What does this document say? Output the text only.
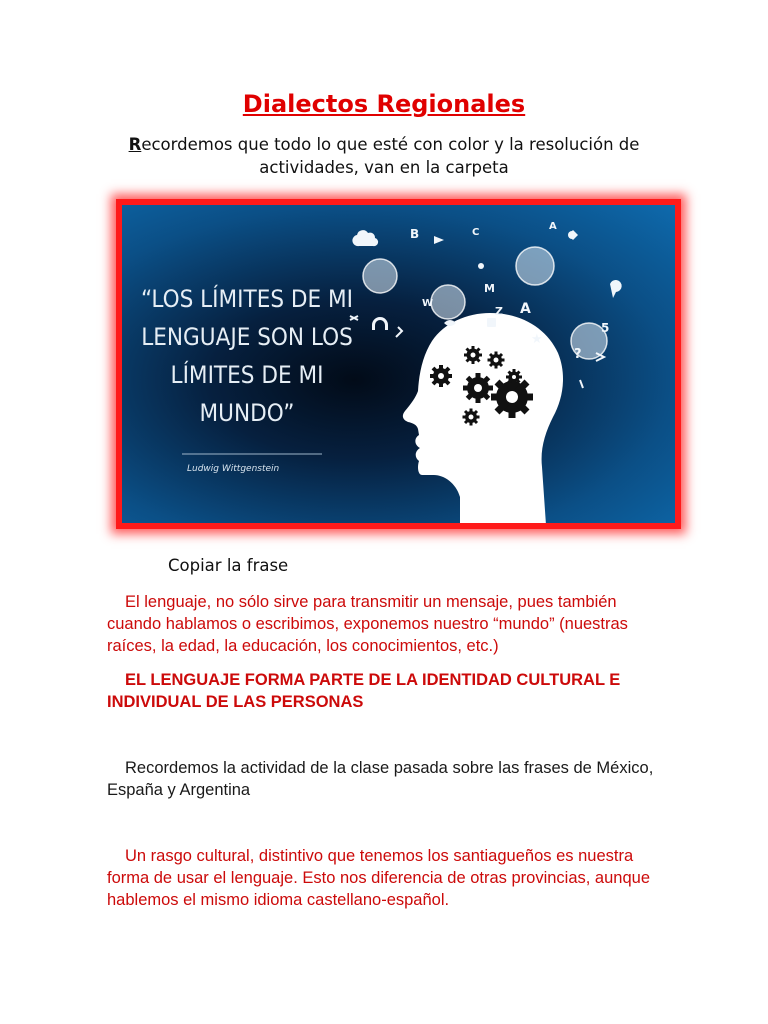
Dialectos Regionales

Recordemos que todo lo que esté con color y la resolución de actividades, van en la carpeta

“LOS LÍMITES DE MI
LENGUAJE SON LOS
LÍMITES DE MI
MUNDO”
Ludwig Wittgenstein
B
A
?
5
★
M
Z
A
C
W

Copiar la frase

El lenguaje, no sólo sirve para transmitir un mensaje, pues también cuando hablamos o escribimos, exponemos nuestro “mundo” (nuestras raíces, la edad, la educación, los conocimientos, etc.)

EL LENGUAJE FORMA PARTE DE LA IDENTIDAD CULTURAL E INDIVIDUAL DE LAS PERSONAS

Recordemos la actividad de la clase pasada sobre las frases de México, España y Argentina

Un rasgo cultural, distintivo que tenemos los santiagueños es nuestra forma de usar el lenguaje. Esto nos diferencia de otras provincias, aunque hablemos el mismo idioma castellano-español.
